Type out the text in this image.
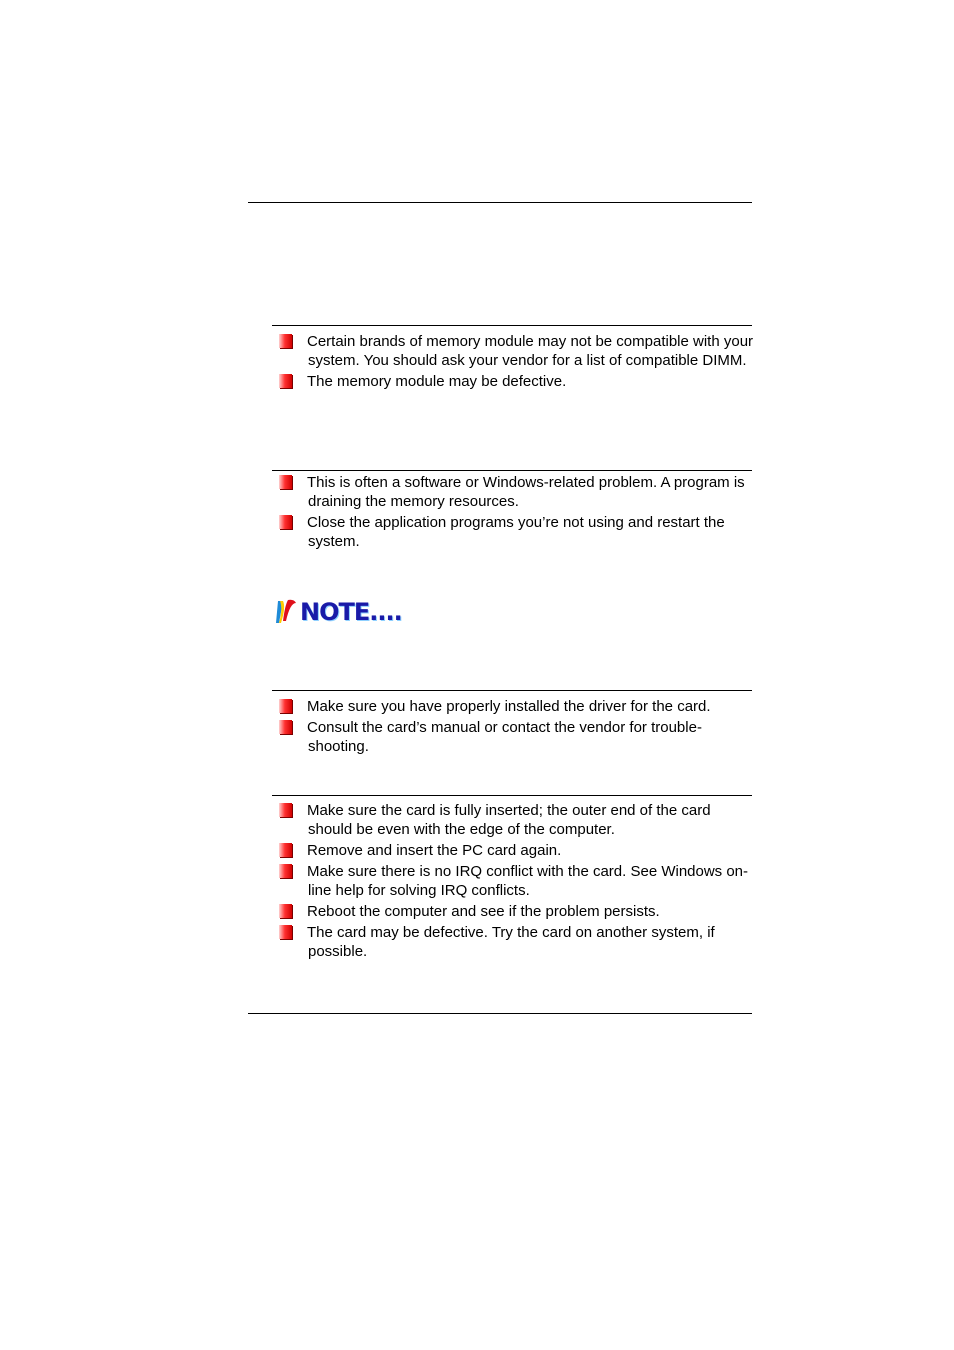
Certain brands of memory module may not be compatible with your system. You should ask your vendor for a list of compatible DIMM.
The memory module may be defective.
This is often a software or Windows-related problem. A program is draining the memory resources.
Close the application programs you’re not using and restart the system.
NOTE....
Make sure you have properly installed the driver for the card.
Consult the card’s manual or contact the vendor for trouble-shooting.
Make sure the card is fully inserted; the outer end of the card should be even with the edge of the computer.
Remove and insert the PC card again.
Make sure there is no IRQ conflict with the card. See Windows on-line help for solving IRQ conflicts.
Reboot the computer and see if the problem persists.
The card may be defective. Try the card on another system, if possible.
